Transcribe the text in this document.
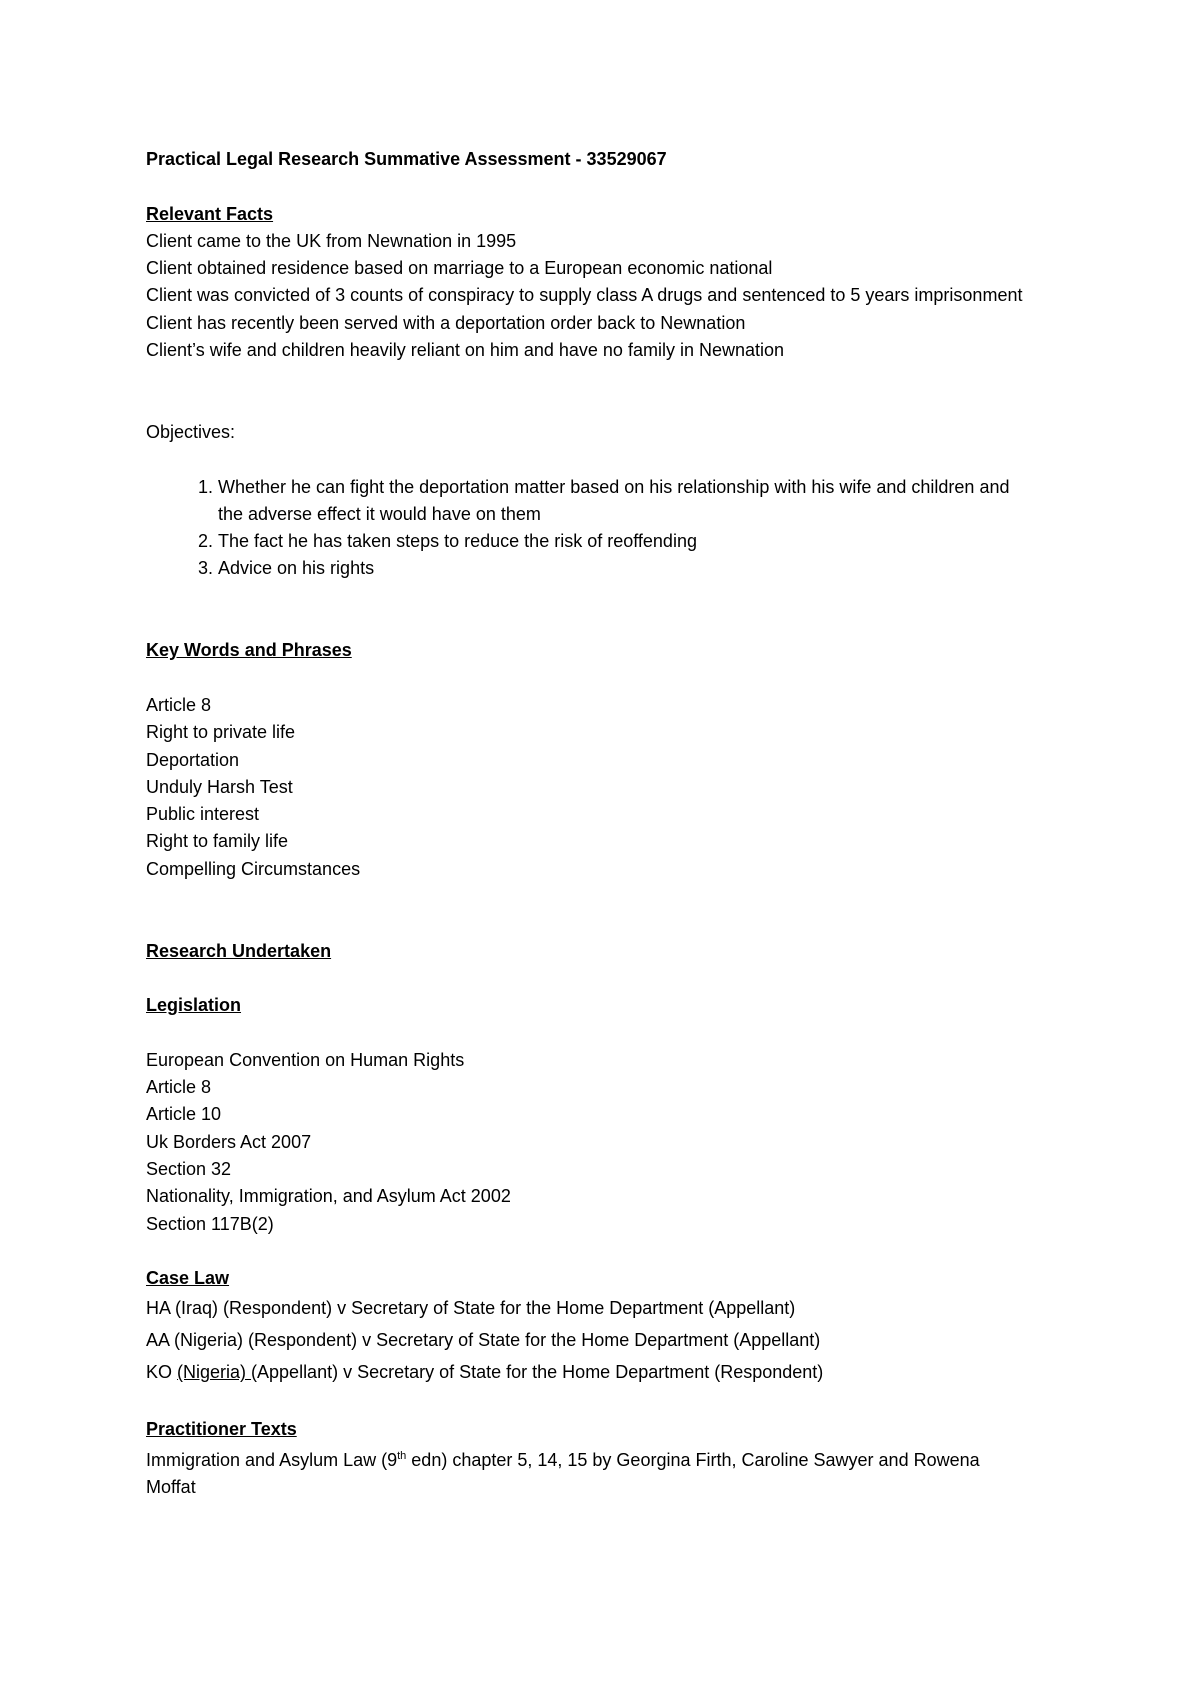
Practical Legal Research Summative Assessment - 33529067
Relevant Facts
Client came to the UK from Newnation in 1995
Client obtained residence based on marriage to a European economic national
Client was convicted of 3 counts of conspiracy to supply class A drugs and sentenced to 5 years imprisonment
Client has recently been served with a deportation order back to Newnation
Client’s wife and children heavily reliant on him and have no family in Newnation
Objectives:
1. Whether he can fight the deportation matter based on his relationship with his wife and children and the adverse effect it would have on them
2. The fact he has taken steps to reduce the risk of reoffending
3. Advice on his rights
Key Words and Phrases
Article 8
Right to private life
Deportation
Unduly Harsh Test
Public interest
Right to family life
Compelling Circumstances
Research Undertaken
Legislation
European Convention on Human Rights
Article 8
Article 10
Uk Borders Act 2007
Section 32
Nationality, Immigration, and Asylum Act 2002
Section 117B(2)
Case Law
HA (Iraq) (Respondent) v Secretary of State for the Home Department (Appellant)
AA (Nigeria) (Respondent) v Secretary of State for the Home Department (Appellant)
KO (Nigeria) (Appellant) v Secretary of State for the Home Department (Respondent)
Practitioner Texts
Immigration and Asylum Law (9th edn) chapter 5, 14, 15 by Georgina Firth, Caroline Sawyer and Rowena Moffat
